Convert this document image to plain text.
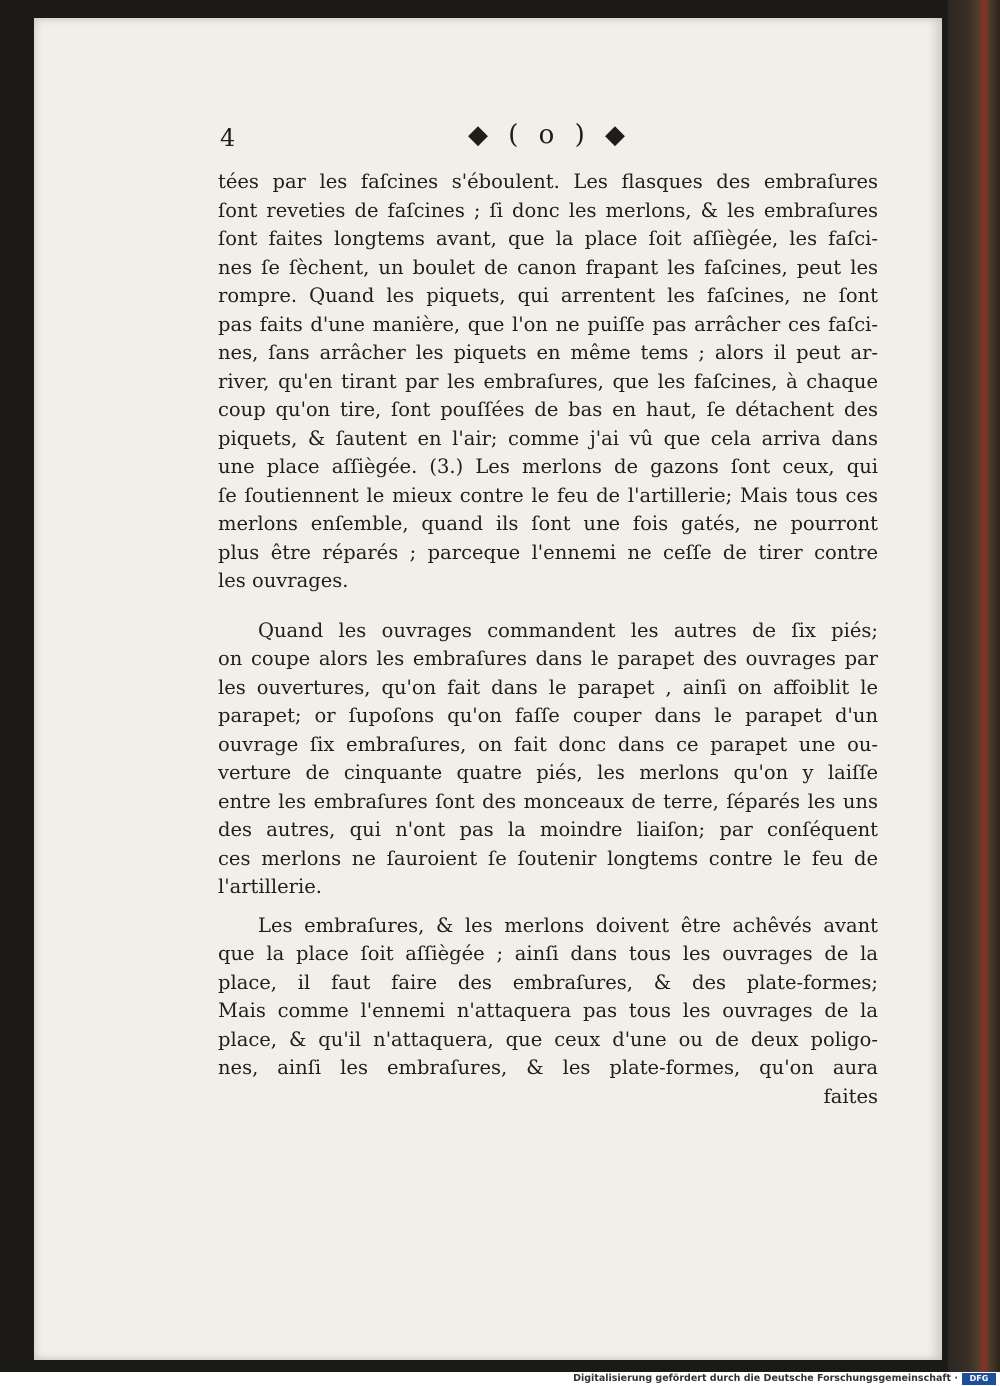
4	◆ ( o ) ◆
tées par les faſcines s'éboulent. Les flasques des embraſures
ſont reveties de faſcines ; ſi donc les merlons, & les embraſures
ſont faites longtems avant, que la place ſoit aſſiègée, les faſci-
nes ſe ſèchent, un boulet de canon frapant les faſcines, peut les
rompre. Quand les piquets, qui arrentent les faſcines, ne ſont
pas faits d'une manière, que l'on ne puiſſe pas arrâcher ces faſci-
nes, ſans arrâcher les piquets en même tems ; alors il peut ar-
river, qu'en tirant par les embraſures, que les faſcines, à chaque
coup qu'on tire, ſont pouſſées de bas en haut, ſe détachent des
piquets, & ſautent en l'air; comme j'ai vû que cela arriva dans
une place aſſiègée. (3.) Les merlons de gazons ſont ceux, qui
ſe ſoutiennent le mieux contre le feu de l'artillerie; Mais tous ces
merlons enſemble, quand ils ſont une fois gatés, ne pourront
plus être réparés ; parceque l'ennemi ne ceſſe de tirer contre
les ouvrages.
Quand les ouvrages commandent les autres de ſix piés;
on coupe alors les embraſures dans le parapet des ouvrages par
les ouvertures, qu'on fait dans le parapet , ainſi on affoiblit le
parapet; or ſupoſons qu'on faſſe couper dans le parapet d'un
ouvrage ſix embraſures, on fait donc dans ce parapet une ou-
verture de cinquante quatre piés, les merlons qu'on y laiſſe
entre les embraſures ſont des monceaux de terre, ſéparés les uns
des autres, qui n'ont pas la moindre liaiſon; par conſéquent
ces merlons ne ſauroient ſe ſoutenir longtems contre le feu de
l'artillerie.
Les embraſures, & les merlons doivent être achêvés avant
que la place ſoit aſſiègée ; ainſi dans tous les ouvrages de la
place, il faut faire des embraſures, & des plate-formes;
Mais comme l'ennemi n'attaquera pas tous les ouvrages de la
place, & qu'il n'attaquera, que ceux d'une ou de deux poligo-
nes, ainſi les embraſures, & les plate-formes, qu'on aura
faites
Digitalisierung gefördert durch die Deutsche Forschungsgemeinschaft ·	DFG
